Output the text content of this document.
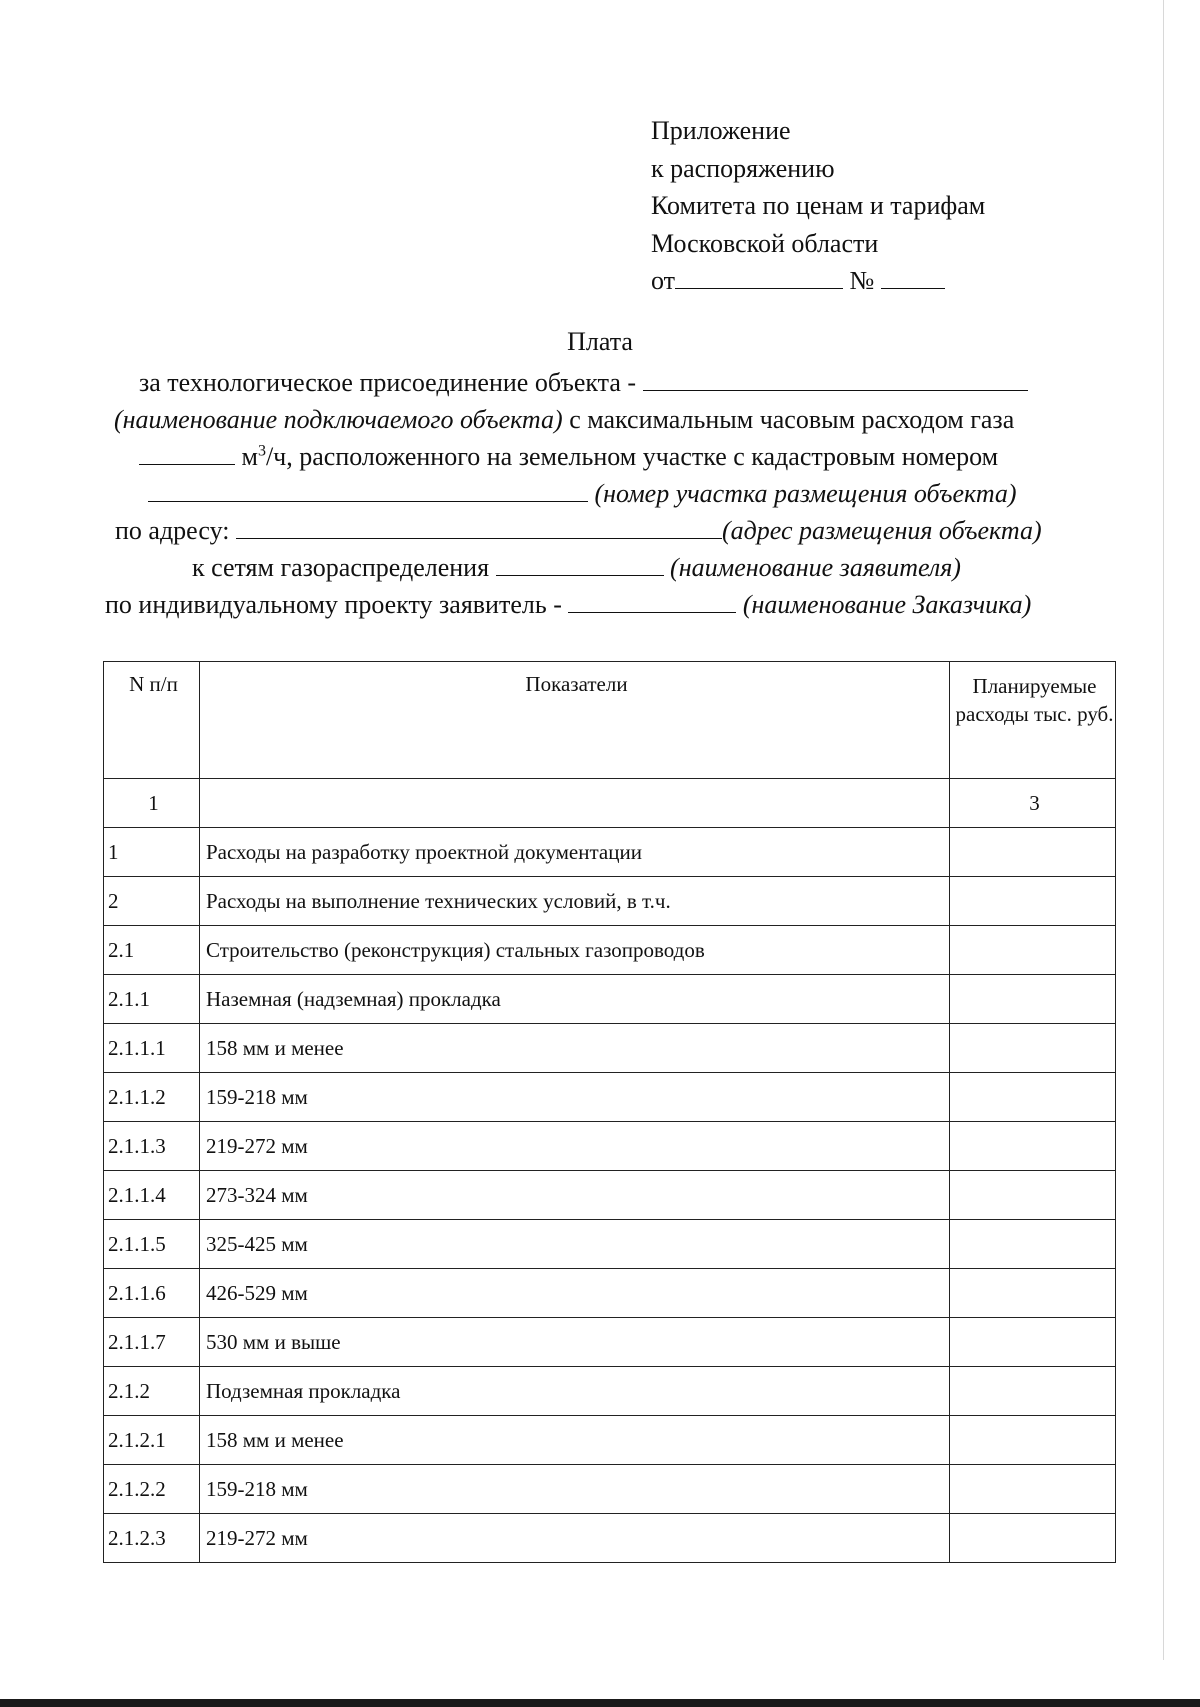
Приложение
к распоряжению
Комитета по ценам и тарифам
Московской области
от	№
Плата
за технологическое присоединение объекта -
(наименование подключаемого объекта) с максимальным часовым расходом газа
$м^3/ч$, расположенного на земельном участке с кадастровым номером
(номер участка размещения объекта)
по адресу:	(адрес размещения объекта)
к сетям газораспределения	(наименование заявителя)
по индивидуальному проекту заявитель -	(наименование Заказчика)
N п/п	Показатели	Планируемые расходы тыс. руб.
1		3
1	Расходы на разработку проектной документации	
2	Расходы на выполнение технических условий, в т.ч.	
2.1	Строительство (реконструкция) стальных газопроводов	
2.1.1	Наземная (надземная) прокладка	
2.1.1.1	158 мм и менее	
2.1.1.2	159-218 мм	
2.1.1.3	219-272 мм	
2.1.1.4	273-324 мм	
2.1.1.5	325-425 мм	
2.1.1.6	426-529 мм	
2.1.1.7	530 мм и выше	
2.1.2	Подземная прокладка	
2.1.2.1	158 мм и менее	
2.1.2.2	159-218 мм	
2.1.2.3	219-272 мм	
